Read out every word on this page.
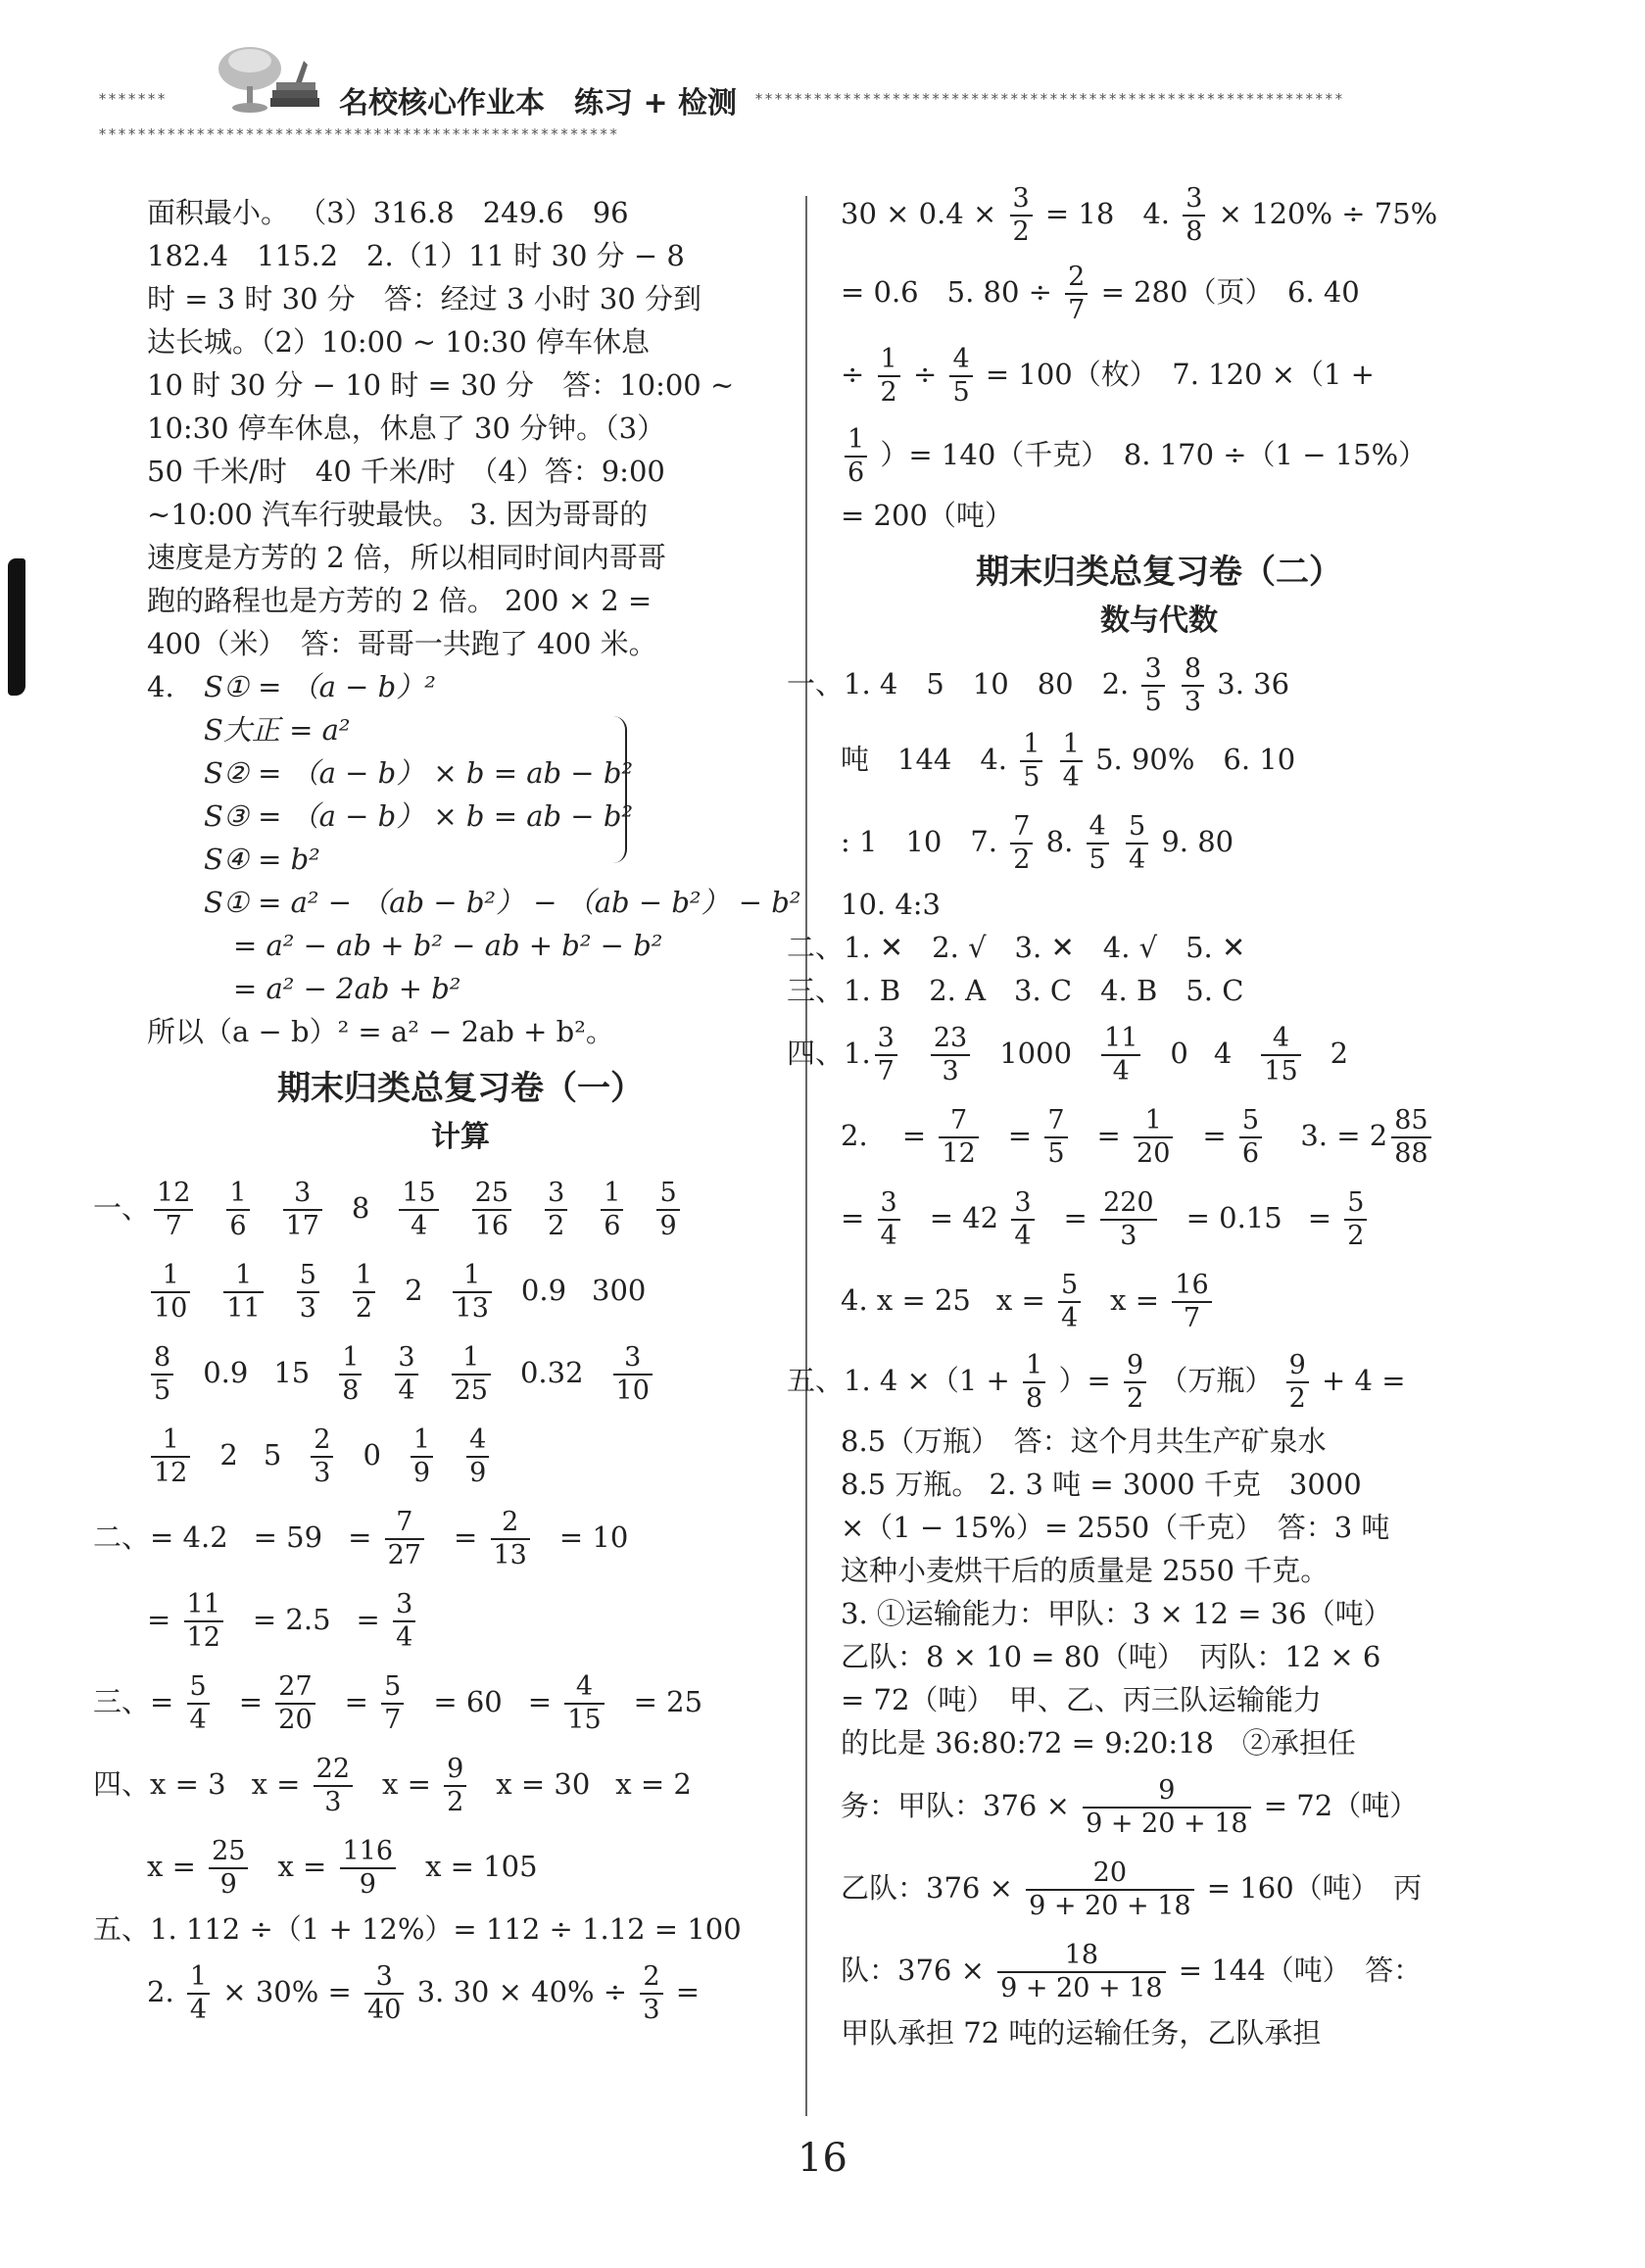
*******	名校核心作业本　练习 + 检测 ************************************************************
*****************************************************
面积最小。 （3）316.8　249.6　96
182.4　115.2　2.（1）11 时 30 分 − 8
时 = 3 时 30 分　答：经过 3 小时 30 分到
达长城。（2）10:00 ~ 10:30 停车休息
10 时 30 分 − 10 时 = 30 分　答：10:00 ~
10:30 停车休息，休息了 30 分钟。（3）
50 千米/时　40 千米/时　（4）答：9:00
~10:00 汽车行驶最快。 3. 因为哥哥的
速度是方芳的 2 倍，所以相同时间内哥哥
跑的路程也是方芳的 2 倍。 200 × 2 =
400（米）　答：哥哥一共跑了 400 米。
4. S① = （a − b）²
S大正 = a²
S② = （a − b） × b = ab − b²
S③ = （a − b） × b = ab − b²
S④ = b²
S① = a² − （ab − b²） − （ab − b²） − b²
= a² − ab + b² − ab + b² − b²
= a² − 2ab + b²
所以（a − b）² = a² − 2ab + b²。
期末归类总复习卷（一）
计算
一、 $\frac{12}{7} \frac{1}{6} \frac{3}{17} 8 \frac{15}{4} \frac{25}{16} \frac{3}{2} \frac{1}{6} \frac{5}{9}$
$\frac{1}{10} \frac{1}{11} \frac{5}{3} \frac{1}{2} 2 \frac{1}{13} 0.9$ 300
$\frac{8}{5} 0.9$ $15 \frac{1}{8} \frac{3}{4} \frac{1}{25} 0.32 \frac{3}{10}$
$\frac{1}{12} 2$ $5 \frac{2}{3} 0 \frac{1}{9} \frac{4}{9}$
二、= $4.2 = 59 = \frac{7}{27} = \frac{2}{13} = 10$
= $\frac{11}{12} = 2.5 = \frac{3}{4}$
三、= $\frac{5}{4} = \frac{27}{20} = \frac{5}{7} = 60 = \frac{4}{15} = 25$
四、x = 3 $x = \frac{22}{3}$ $x = \frac{9}{2}$ x = 30 x = 2
$x = \frac{25}{9}$ $x = \frac{116}{9}$ x = 105
五、1. 112 ÷（1 + 12%）= 112 ÷ 1.12 = 100
2. $\frac{1}{4} \times 30\% = \frac{3}{40} 3$. $30 \times 40\% \div \frac{2}{3}$ =
$30 \times 0.4 \times \frac{3}{2} = 18$　4. $\frac{3}{8} \times 120\% \div 75\%$
= 0.6　5. $80 \div \frac{2}{7} = 280$（页）　6. 40
÷ $\frac{1}{2} \div \frac{4}{5} = 100$（枚）　7. 120 ×（1 +
$\frac{1}{6}$ ）= 140（千克）　8. 170 ÷（1 − 15%）
= 200（吨）
期末归类总复习卷（二）
数与代数
一、1. 4　5　10　80　2. $\frac{3}{5}$
$\frac{8}{3} 3$. 36
吨　144　4. $\frac{1}{5}$
$\frac{1}{4} 5$. 90%　6. 10
: 1　10　7. $\frac{7}{2} 8$. $\frac{4}{5}$
$\frac{5}{4} 9$. 80
10. 4:3
二、1. ✕　2. √　3. ✕　4. √　5. ✕
三、1. B　2. A　3. C　4. B　5. C
四、1. $\frac{3}{7} \frac{23}{3} 1000 \frac{11}{4} 0$ $4 \frac{4}{15} 2$
2. = $\frac{7}{12} = \frac{7}{5} = \frac{1}{20} = \frac{5}{6} 3$. = $2 \frac{85}{88}$
= $\frac{3}{4} = 42 \frac{3}{4} = \frac{220}{3} = 0.15 = \frac{5}{2}$
4. x = 25 $x = \frac{5}{4}$ $x = \frac{16}{7}$
五、1. $4 \times(1 + \frac{1}{8}$ ）= $\frac{9}{2}$ （万瓶） $\frac{9}{2} + 4$ =
8.5（万瓶）　答：这个月共生产矿泉水
8.5 万瓶。 2. 3 吨 = 3000 千克　3000
×（1 − 15%）= 2550（千克）　答：3 吨
这种小麦烘干后的质量是 2550 千克。
3. ①运输能力：甲队：3 × 12 = 36（吨）
乙队：8 × 10 = 80（吨）　丙队：12 × 6
= 72（吨）　甲、乙、丙三队运输能力
的比是 36:80:72 = 9:20:18　②承担任
务：甲队：$376 \times \frac{9}{9 + 20 + 18} = 72$（吨）
乙队：$376 \times \frac{20}{9 + 20 + 18} = 160$（吨）　丙
队：$376 \times \frac{18}{9 + 20 + 18} = 144$（吨）　答：
甲队承担 72 吨的运输任务，乙队承担
16
